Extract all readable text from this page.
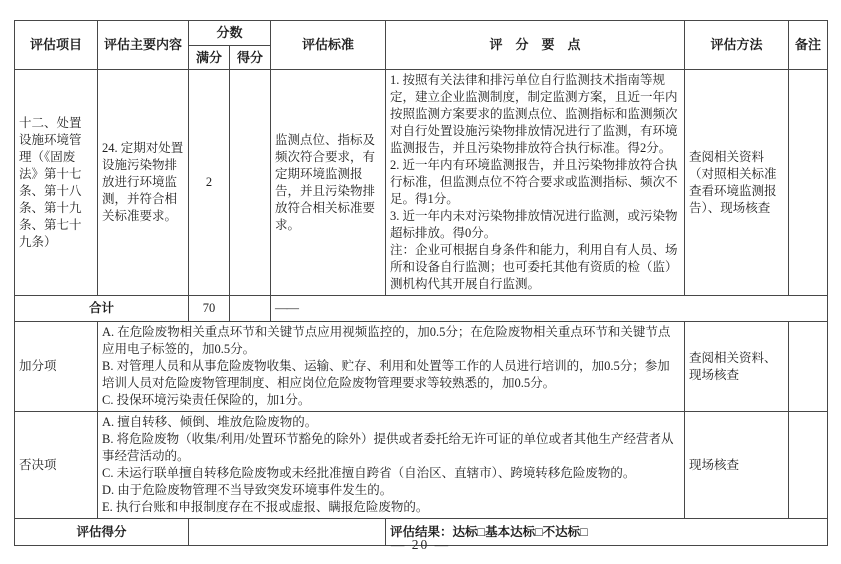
评估项目	评估主要内容	分数		评估标准	评　分　要　点	评估方法	备注
		满分	得分				
十二、处置设施环境管理（《固废法》第十七条、第十八条、第十九条、第七十九条）	24. 定期对处置设施污染物排放进行环境监测，并符合相关标准要求。	2		监测点位、指标及频次符合要求，有定期环境监测报告，并且污染物排放符合相关标准要求。	1. 按照有关法律和排污单位自行监测技术指南等规定，建立企业监测制度，制定监测方案，且近一年内按照监测方案要求的监测点位、监测指标和监测频次对自行处置设施污染物排放情况进行了监测，有环境监测报告，并且污染物排放符合执行标准。得2分。
2. 近一年内有环境监测报告，并且污染物排放符合执行标准，但监测点位不符合要求或监测指标、频次不足。得1分。
3. 近一年内未对污染物排放情况进行监测，或污染物超标排放。得0分。
注：企业可根据自身条件和能力，利用自有人员、场所和设备自行监测；也可委托其他有资质的检（监）测机构代其开展自行监测。	查阅相关资料（对照相关标准查看环境监测报告）、现场核查	
合计		70		——			
加分项	A. 在危险废物相关重点环节和关键节点应用视频监控的，加0.5分；在危险废物相关重点环节和关键节点应用电子标签的，加0.5分。
B. 对管理人员和从事危险废物收集、运输、贮存、利用和处置等工作的人员进行培训的，加0.5分；参加培训人员对危险废物管理制度、相应岗位危险废物管理要求等较熟悉的，加0.5分。
C. 投保环境污染责任保险的，加1分。					查阅相关资料、现场核查	
否决项	A. 擅自转移、倾倒、堆放危险废物的。
B. 将危险废物（收集/利用/处置环节豁免的除外）提供或者委托给无许可证的单位或者其他生产经营者从事经营活动的。
C. 未运行联单擅自转移危险废物或未经批准擅自跨省（自治区、直辖市）、跨境转移危险废物的。
D. 由于危险废物管理不当导致突发环境事件发生的。
E. 执行台账和申报制度存在不报或虚报、瞒报危险废物的。					现场核查	
评估得分					评估结果：达标□基本达标□不达标□		
— 20 —
